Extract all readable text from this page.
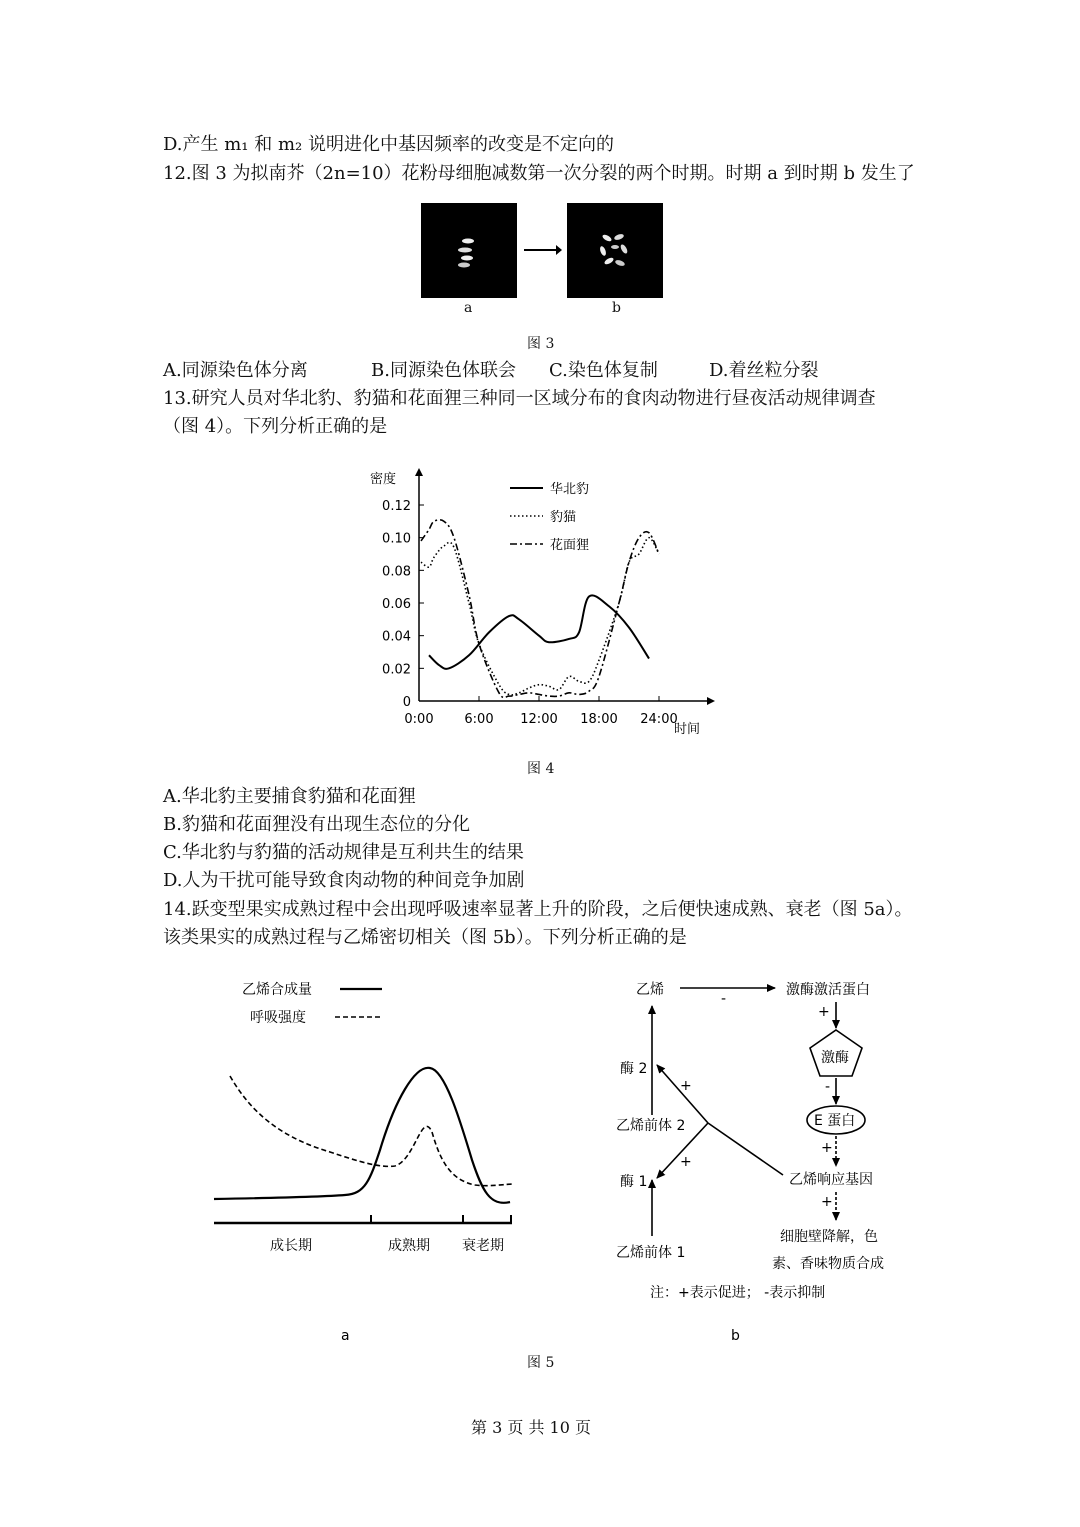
D.产生 m₁ 和 m₂ 说明进化中基因频率的改变是不定向的
12.图 3 为拟南芥（2n=10）花粉母细胞减数第一次分裂的两个时期。时期 a 到时期 b 发生了
a	b
图 3
A.同源染色体分离	B.同源染色体联会 C.染色体复制	D.着丝粒分裂
13.研究人员对华北豹、豹猫和花面狸三种同一区域分布的食肉动物进行昼夜活动规律调查
（图 4）。下列分析正确的是
密度
时间
0
0.02
0.04
0.06
0.08
0.10
0.12
0:00 6:00 12:00 18:00 24:00
华北豹
豹猫
花面狸
图 4
A.华北豹主要捕食豹猫和花面狸
B.豹猫和花面狸没有出现生态位的分化
C.华北豹与豹猫的活动规律是互利共生的结果
D.人为干扰可能导致食肉动物的种间竞争加剧
14.跃变型果实成熟过程中会出现呼吸速率显著上升的阶段，之后便快速成熟、衰老（图 5a）。
该类果实的成熟过程与乙烯密切相关（图 5b）。下列分析正确的是
乙烯合成量
呼吸强度
成长期	成熟期 衰老期
a
乙烯
-
激酶激活蛋白
+
激酶
-
E 蛋白
+
乙烯响应基因
+
细胞壁降解，色
素、香味物质合成
酶 2
乙烯前体 2
酶 1
乙烯前体 1
+
+
注：+表示促进； -表示抑制
b
图 5
第 3 页 共 10 页
